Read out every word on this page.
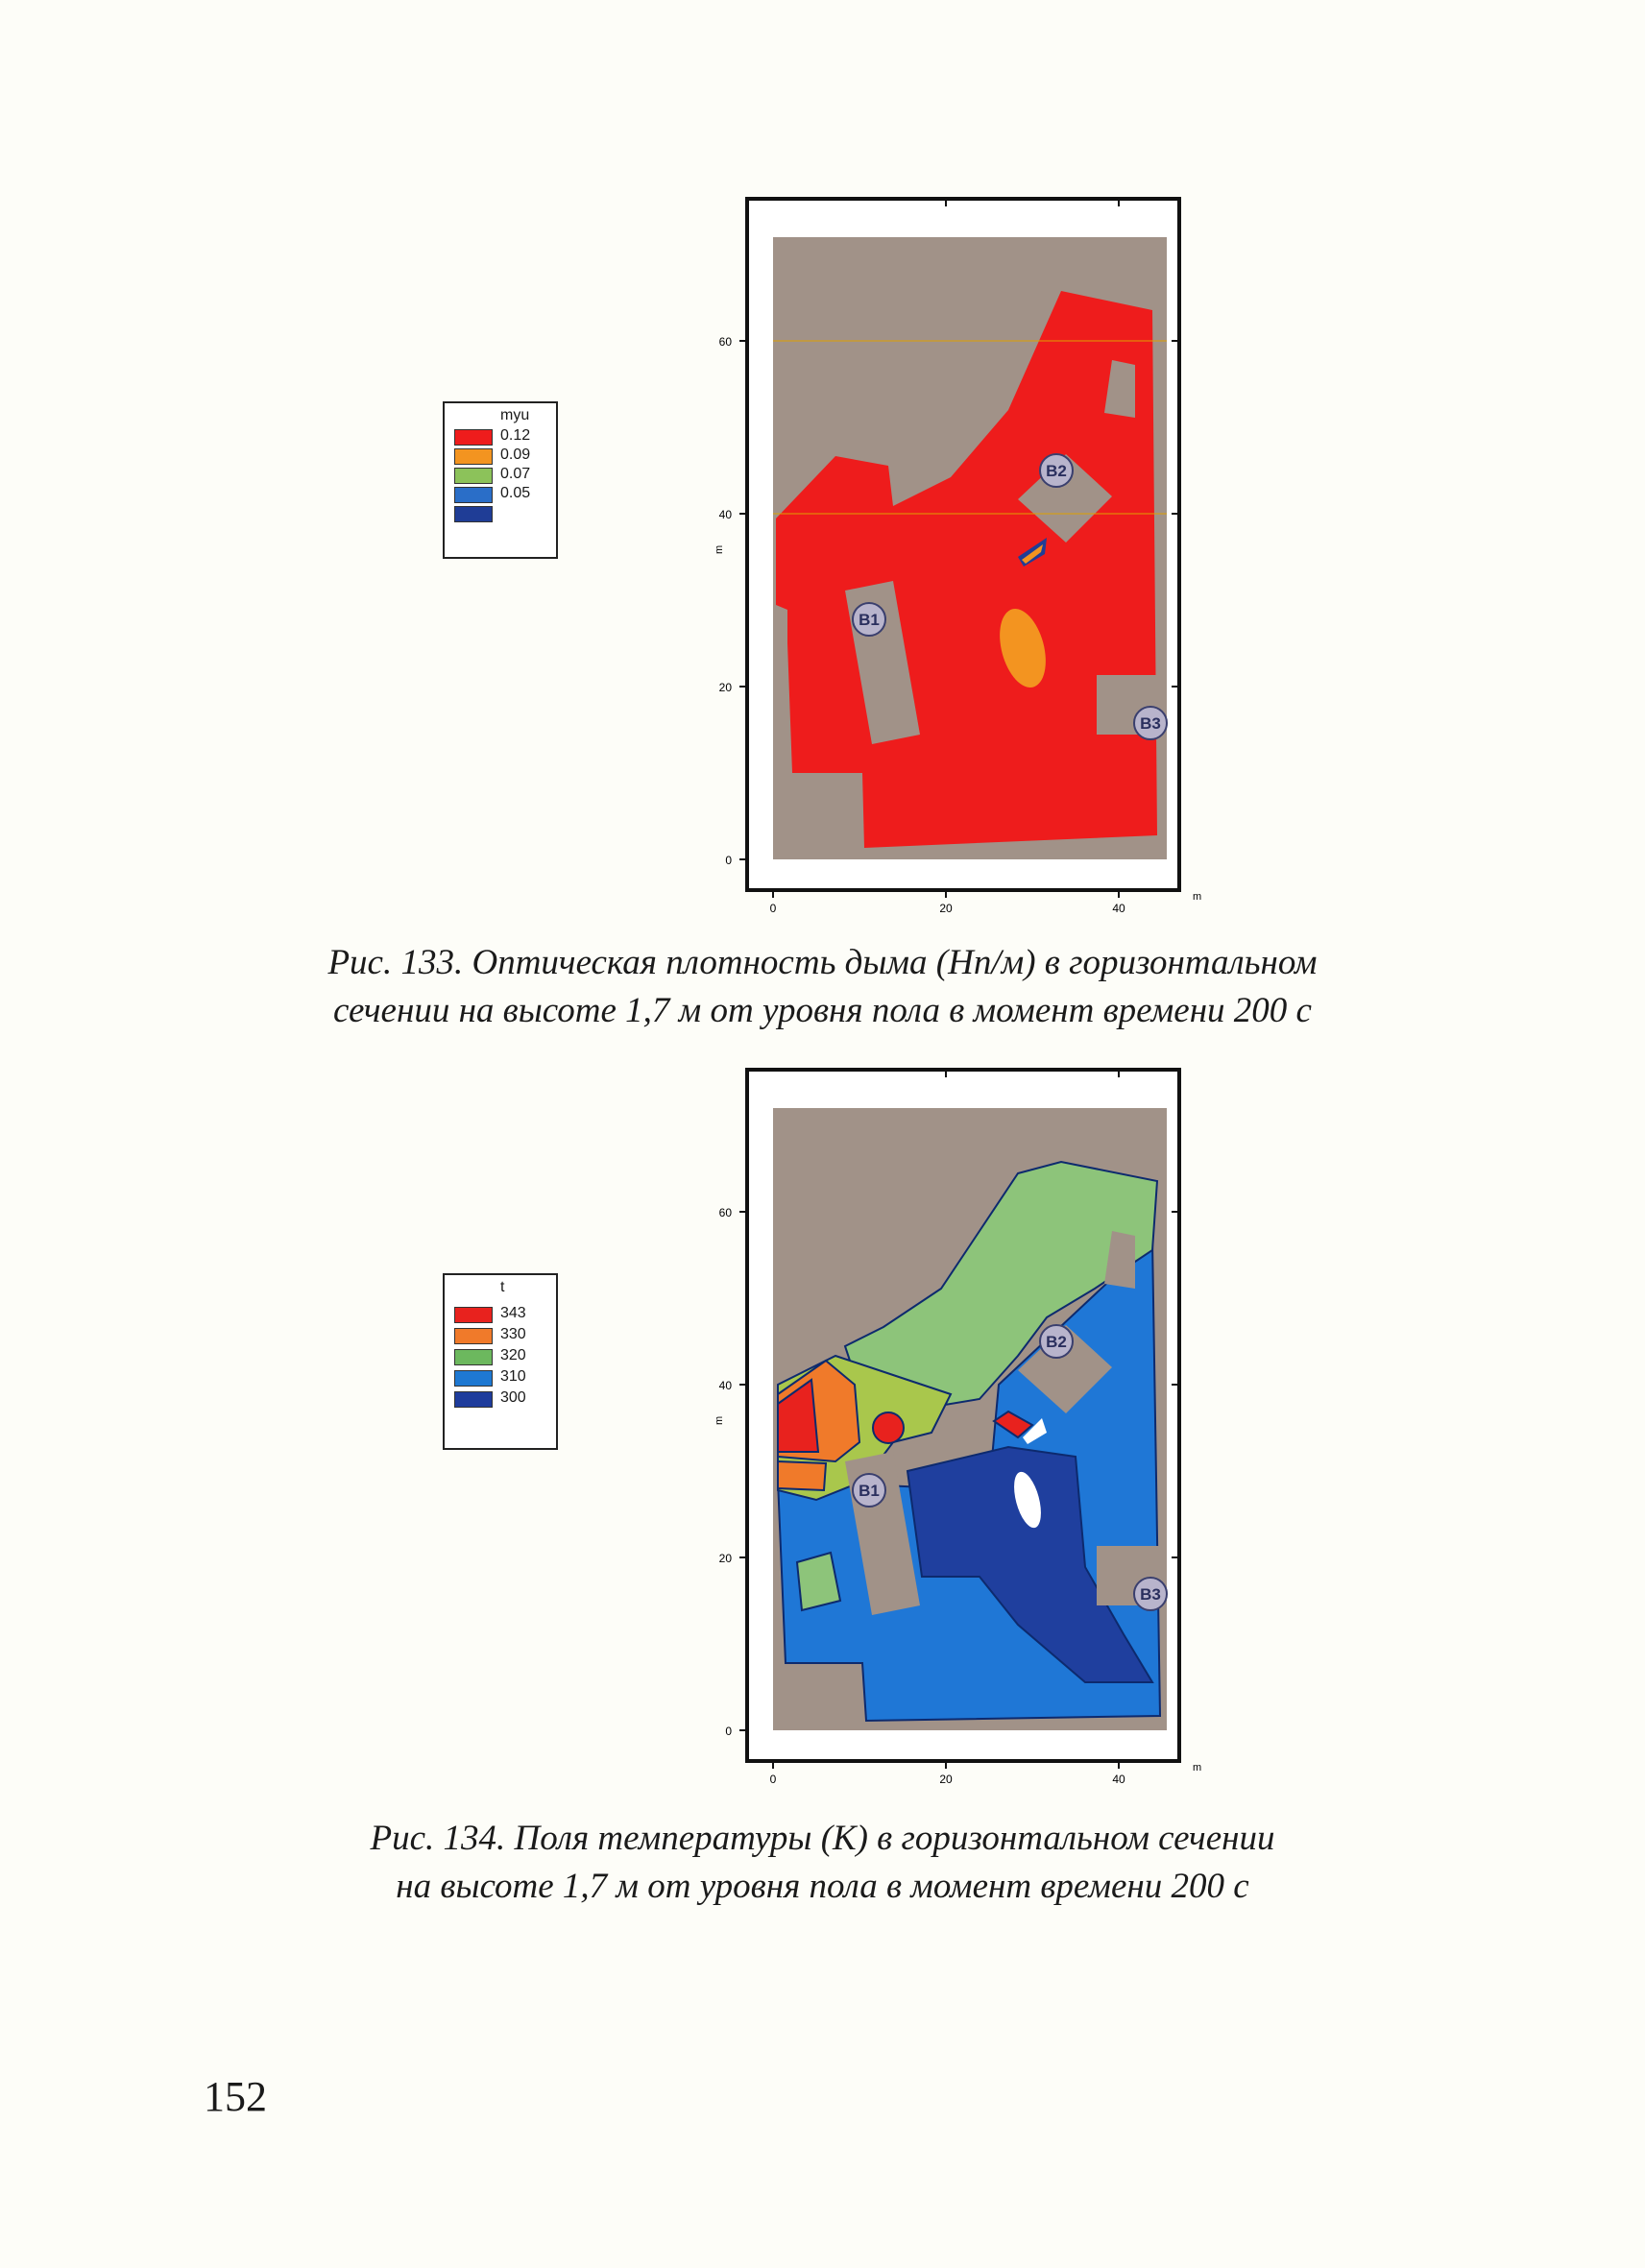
myu
0.12
0.09
0.07
0.05
B1
B2
B3
60
40
20
0
m
0	20	40
m
Рис. 133. Оптическая плотность дыма (Нп/м) в горизонтальном
сечении на высоте 1,7 м от уровня пола в момент времени 200 с
t
343
330
320
310
300
B1
B2
B3
60
40
20
0
m
0	20	40
m
Рис. 134. Поля температуры (К) в горизонтальном сечении
на высоте 1,7 м от уровня пола в момент времени 200 с
152
